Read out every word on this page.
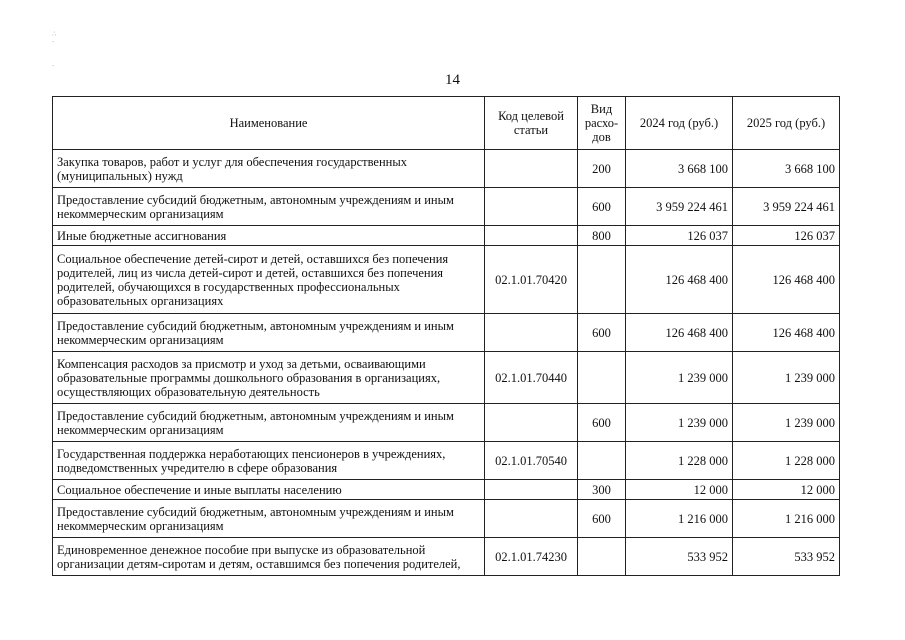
∴
·

·
14
Наименование	Код целевой статьи	Вид расхо-дов	2024 год (руб.)	2025 год (руб.)
Закупка товаров, работ и услуг для обеспечения государственных (муниципальных) нужд		200	3 668 100	3 668 100
Предоставление субсидий бюджетным, автономным учреждениям и иным некоммерческим организациям		600	3 959 224 461	3 959 224 461
Иные бюджетные ассигнования		800	126 037	126 037
Социальное обеспечение детей-сирот и детей, оставшихся без попечения родителей, лиц из числа детей-сирот и детей, оставшихся без попечения родителей, обучающихся в государственных профессиональных образовательных организациях	02.1.01.70420		126 468 400	126 468 400
Предоставление субсидий бюджетным, автономным учреждениям и иным некоммерческим организациям		600	126 468 400	126 468 400
Компенсация расходов за присмотр и уход за детьми, осваивающими образовательные программы дошкольного образования в организациях, осуществляющих образовательную деятельность	02.1.01.70440		1 239 000	1 239 000
Предоставление субсидий бюджетным, автономным учреждениям и иным некоммерческим организациям		600	1 239 000	1 239 000
Государственная поддержка неработающих пенсионеров в учреждениях, подведомственных учредителю в сфере образования	02.1.01.70540		1 228 000	1 228 000
Социальное обеспечение и иные выплаты населению		300	12 000	12 000
Предоставление субсидий бюджетным, автономным учреждениям и иным некоммерческим организациям		600	1 216 000	1 216 000
Единовременное денежное пособие при выпуске из образовательной организации детям-сиротам и детям, оставшимся без попечения родителей,	02.1.01.74230		533 952	533 952
